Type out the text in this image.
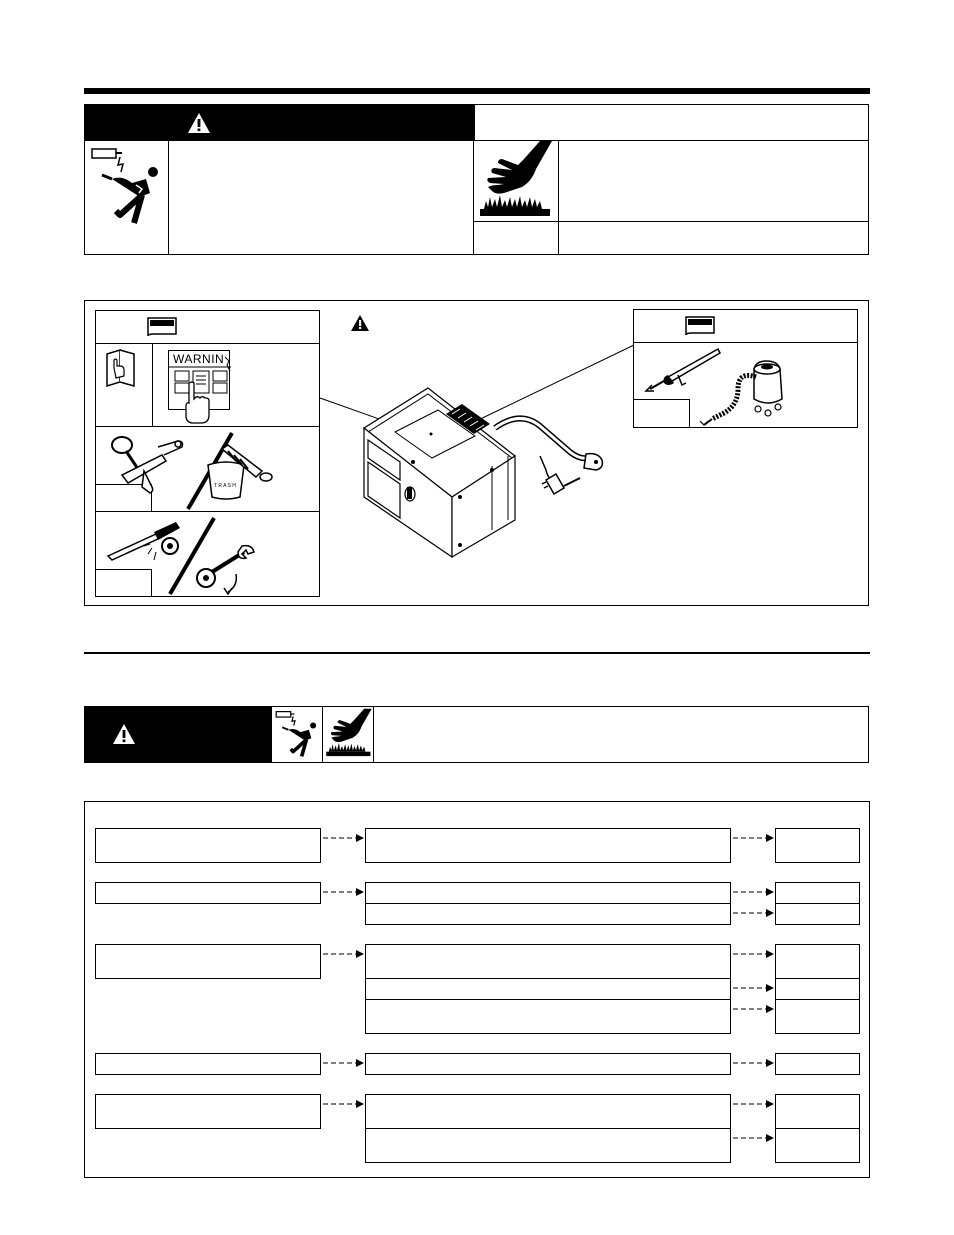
WARNIN
T R A S H
